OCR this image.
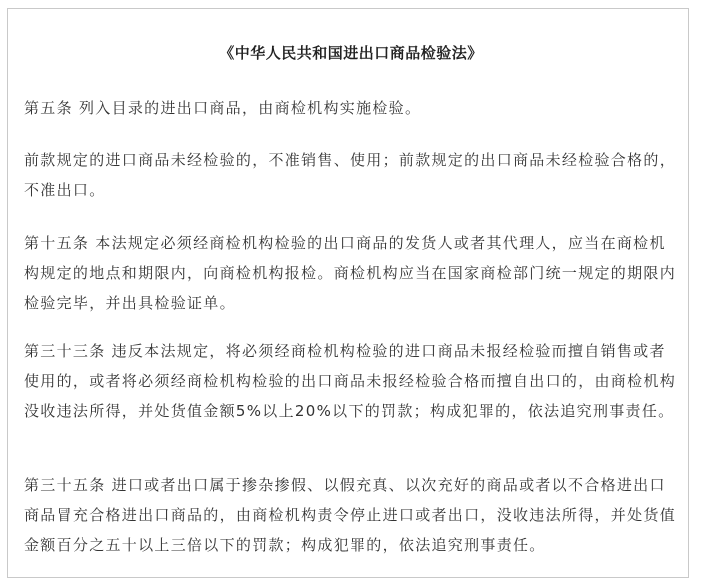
《中华人民共和国进出口商品检验法》

第五条 列入目录的进出口商品，由商检机构实施检验。

前款规定的进口商品未经检验的，不准销售、使用；前款规定的出口商品未经检验合格的，不准出口。

第十五条 本法规定必须经商检机构检验的出口商品的发货人或者其代理人，应当在商检机构规定的地点和期限内，向商检机构报检。商检机构应当在国家商检部门统一规定的期限内检验完毕，并出具检验证单。

第三十三条 违反本法规定，将必须经商检机构检验的进口商品未报经检验而擅自销售或者使用的，或者将必须经商检机构检验的出口商品未报经检验合格而擅自出口的，由商检机构没收违法所得，并处货值金额5%以上20%以下的罚款；构成犯罪的，依法追究刑事责任。

第三十五条 进口或者出口属于掺杂掺假、以假充真、以次充好的商品或者以不合格进出口商品冒充合格进出口商品的，由商检机构责令停止进口或者出口，没收违法所得，并处货值金额百分之五十以上三倍以下的罚款；构成犯罪的，依法追究刑事责任。
